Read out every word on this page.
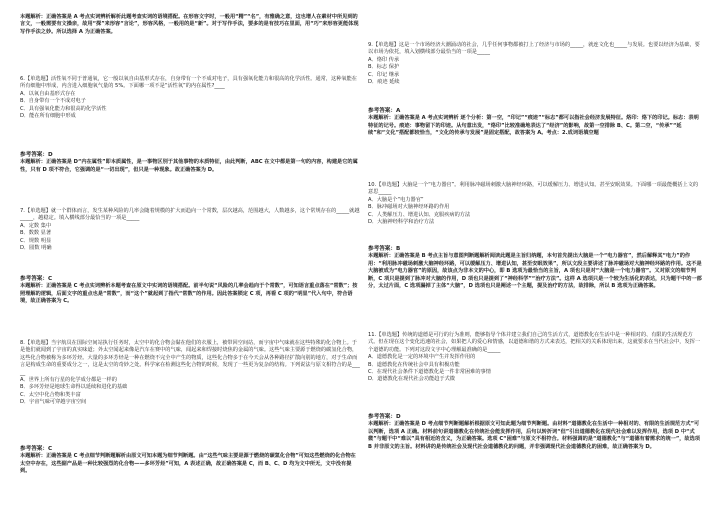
本题解析：正确答案是 A 考点实词辨析解析此题考查实词的语境搭配。在形容文字时，一般用“精”“名”，有雅确之意，这也增人在素材中所见到的言文，一般需要有文操亲，故用“探”来形容“言论”，形容风格，一般用的是“新”。对于写作手法，要多的是有技巧在里面，用“巧”来形容更能体现写作手法之妙。所以选择 A 为正确答案。

6.【单选题】活性氧不同于普通氧，它一般以氧自由基形式存在，自身带有一个不成对电子，具有强氧化能力和很高的化学活性。通常，这种氧能在所有细胞中形成，内含进入细胞氧气量的 5%。下面哪一项不是“活性氧”的内在属性?____

A．以氧自由基形式存在

B．自身带有一个不成对电子

C．具有强氧化能力和很高的化学活性

D．能在所有细胞中形成

参考答案：D

本题解析：正确答案是 D“内在属性”即本质属性，是一事物区别于其他事物的本质特征，由此判断，ABC 在文中都是第一句的内容，构建是它的属性，只有 D 项不符合，它强调的是“一切出现”，但只是一种现象。故正确答案为 D。

7.【单选题】就一个群体而言，发生某种风险的几率会随着规模的扩大而趋向一个常数，层次越高，范围越大，人数越多，这个常规存在的_____就越_____，越稳定。填入横线部分最恰当的一项是_____

A．定数 集中

B．数数 显著

C．规数 明显

D．圆数 明确

参考答案：C

本题解析：正确答案是 C 考点实词辨析本题考查在原文中实词的语境搭配。前半句说“风险的几率会趋向于个常数”，可知语言重点落在“常数”；按照理解的逻辑，后面文字的重点也是“常数”，而“这个”就起到了指代“常数”的作用。因此答案锁定 C 项，再看 C 项的“明显”代入句中，符合语境，故正确答案为 C。

8.【单选题】当宇航员在国际空间站执行任务时，太空中的化合物会黏在他们的衣服上，被带回空间站，而宇宙中气味就在这些特殊的化合物上。于是他们就闻到了宇宙的真实味道；外太空闻起来像是汽车在赛中的气味，闻起来和焊接时烧焦的金属的气味。这些气味主要源于燃烧的碳氢化合物，这些化合物被称为多环芳烃。大量的多环芳烃是一种在燃烧不完全中产生的物质，这些化合物多于在今天会从各种路径扩散向别的地方，对于生命而言是构成生命的重要成分之一，这是太空的奇妙之处。科学家在检测这些化合物的时候，发现了一些更为复杂的结构。下列说法与原文相符合的是_____

A．世界上所有行星的化学成分都是一样的

B．多环芳烃是地球生命得以延续和进化的基础

C．太空中化合物和类丰富

D．宇宙气味可穿越宇宙空间

参考答案：C

本题解析：正确答案是 C 考点细节判断题解析由原文可知本题为细节判断题。由“这些气味主要是源于燃烧的碳氢化合物”可知这些燃烧的化合物在太空中存在，这些副产品是一种比较强烈的化合物——多环芳烃”可知，A 表述正确，故正确答案是 C，而 B、C、D 均为文中所无，文中没有提到。

9.【单选题】这是一个市场经济大潮涌动的社会，几乎任何事物都被打上了经济与市场的_____，就连文化也_____与发展。也要以经济为基础，要以市场为依托，填入划横线部分最恰当的一项是_____

A．烙印 传承

B．标志 保护

C．印记 继承

D．痕迹 延续

参考答案：A

本题解析：正确答案是 A 考点实词辨析 逐个分析：第一空，“印记”“痕迹”“标志”都可以指社会经济发展特征。烙印：烙下的印记。标志：表明特征的记号。痕迹：事物留下的印迹。从句意出发，“烙印”比较准确地表达了“经济”的影响，故第一空排除 B、C。第二空，“传承”“延续”和“文化”搭配都较恰当，“文化的传承与发展”是固定搭配，故答案为 A。考点：2.成词语填空题

10.【单选题】大脑是一个“电力器官”。利用脉冲磁场刺激大脑神经环路，可以缓解压力、增进认知。甚至安眠效果。下面哪一项最能概括上文的意思_____

A．大脑是个“电力器官”

B．脉冲磁场对大脑神经环路的作用

C．人类解压力、增进认知、克服疾病的方法

D．大脑神经科学和治疗方法

参考答案：B

本题解析：正确答案是 B 考点主旨与意图判断题解析阅读此题是主旨归纳题，本句首先提出大脑是一个“电力器官”，然后解释其“电力”的作用：“利用脉冲磁场刺激大脑神经环路，可以缓解压力、增进认知，甚至安眠效果”，所以文段主要讲述了脉冲磁场对大脑神经环路的作用。这不是大脑被成为“电力器官”的原因，故该点为非本文的中心，即 B 选项为最恰当的主旨，A 项也只是对“大脑是一个电力器官”。又对原文的细节判断，C 项只是提到了脉冲对大脑的作用，D 项也只是提到了“神经科学”“治疗方法”。这样 A 选项只是一个较为生活化的表达，只为题干中的一部分，太过片面，C 选项漏掉了主体“大脑”，D 选项也只是阐述一个主题，提及治疗的方法，故排除，所以 B 选项为正确答案。

11.【单选题】传统的道德是可行的行为准则，能够指导个体并建立我们自己的生活方式，道德教化在生活中是一种相对的、有限的生活规范方式。但在现在这个变化迅速的社会，如果把人的爱心和情感，以道德和谐的方式来表达，把相关的关系体现出来，这就要求在当代社会中，发挥一个道德的功能。下列对这段文字中心理解最准确的是_____

A．道德教化是一定的环境中产生并发挥作用的

B．道德教化在传统社会中具有积极功能

C．在现代社会条件下道德教化是一件非常困难的事情

D．道德教化在现代社会功能趋于式微

参考答案：D

本题解析：正确答案是 D 考点细节判断题解析根据原文可知此题为细节判断题。由材料“道德教化在生活中一种相对的、有限的生活规范方式”可以判断，选项 A 正确。材料前句讲道德教化在传统社会能发挥作用，后句以转折词“但”引出道德教化在现代社会难以发挥作用，选项 D 中“式微”与题干中“难以”具有相近的含义，为正确答案。选项 C“困难”与原文不相符合。材料强调的是“道德教化”与“道德有着需求的统一”，故选项 B 并非原文的主旨。材料讲的是传统社会及现代社会道德教化的问题，并非强调现代社会道德教化的困难，故正确答案为 D。
